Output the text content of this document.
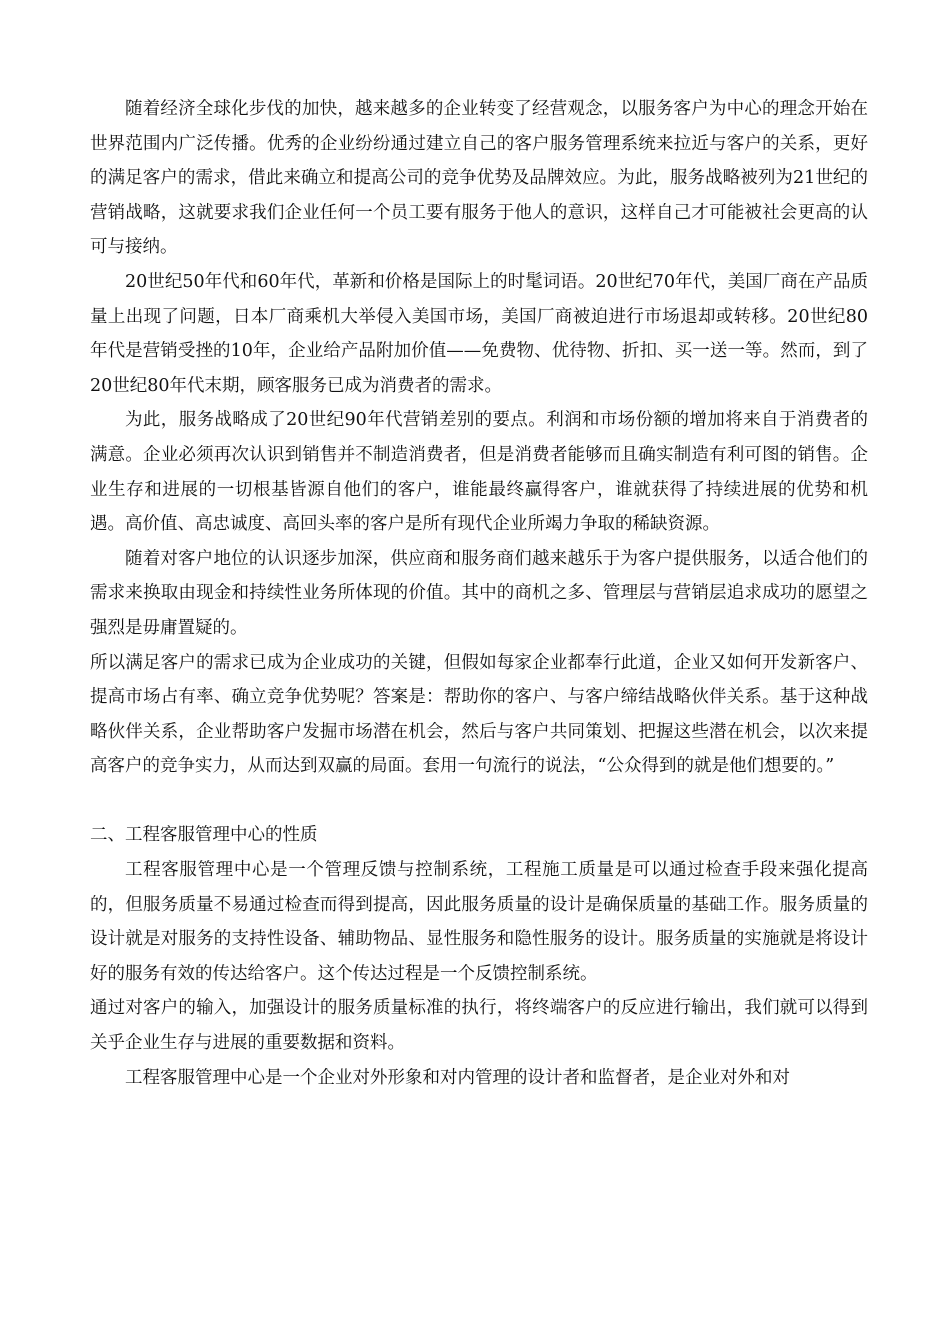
随着经济全球化步伐的加快，越来越多的企业转变了经营观念，以服务客户为中心的理念开始在世界范围内广泛传播。优秀的企业纷纷通过建立自己的客户服务管理系统来拉近与客户的关系，更好的满足客户的需求，借此来确立和提高公司的竞争优势及品牌效应。为此，服务战略被列为21世纪的营销战略，这就要求我们企业任何一个员工要有服务于他人的意识，这样自己才可能被社会更高的认可与接纳。

20世纪50年代和60年代，革新和价格是国际上的时髦词语。20世纪70年代，美国厂商在产品质量上出现了问题，日本厂商乘机大举侵入美国市场，美国厂商被迫进行市场退却或转移。20世纪80年代是营销受挫的10年，企业给产品附加价值——免费物、优待物、折扣、买一送一等。然而，到了20世纪80年代末期，顾客服务已成为消费者的需求。

为此，服务战略成了20世纪90年代营销差别的要点。利润和市场份额的增加将来自于消费者的满意。企业必须再次认识到销售并不制造消费者，但是消费者能够而且确实制造有利可图的销售。企业生存和进展的一切根基皆源自他们的客户，谁能最终赢得客户，谁就获得了持续进展的优势和机遇。高价值、高忠诚度、高回头率的客户是所有现代企业所竭力争取的稀缺资源。

随着对客户地位的认识逐步加深，供应商和服务商们越来越乐于为客户提供服务，以适合他们的需求来换取由现金和持续性业务所体现的价值。其中的商机之多、管理层与营销层追求成功的愿望之强烈是毋庸置疑的。

所以满足客户的需求已成为企业成功的关键，但假如每家企业都奉行此道，企业又如何开发新客户、提高市场占有率、确立竞争优势呢？答案是：帮助你的客户、与客户缔结战略伙伴关系。基于这种战略伙伴关系，企业帮助客户发掘市场潜在机会，然后与客户共同策划、把握这些潜在机会，以次来提高客户的竞争实力，从而达到双赢的局面。套用一句流行的说法，“公众得到的就是他们想要的。”

二、工程客服管理中心的性质

工程客服管理中心是一个管理反馈与控制系统，工程施工质量是可以通过检查手段来强化提高的，但服务质量不易通过检查而得到提高，因此服务质量的设计是确保质量的基础工作。服务质量的设计就是对服务的支持性设备、辅助物品、显性服务和隐性服务的设计。服务质量的实施就是将设计好的服务有效的传达给客户。这个传达过程是一个反馈控制系统。

通过对客户的输入，加强设计的服务质量标准的执行，将终端客户的反应进行输出，我们就可以得到关乎企业生存与进展的重要数据和资料。

工程客服管理中心是一个企业对外形象和对内管理的设计者和监督者，是企业对外和对
